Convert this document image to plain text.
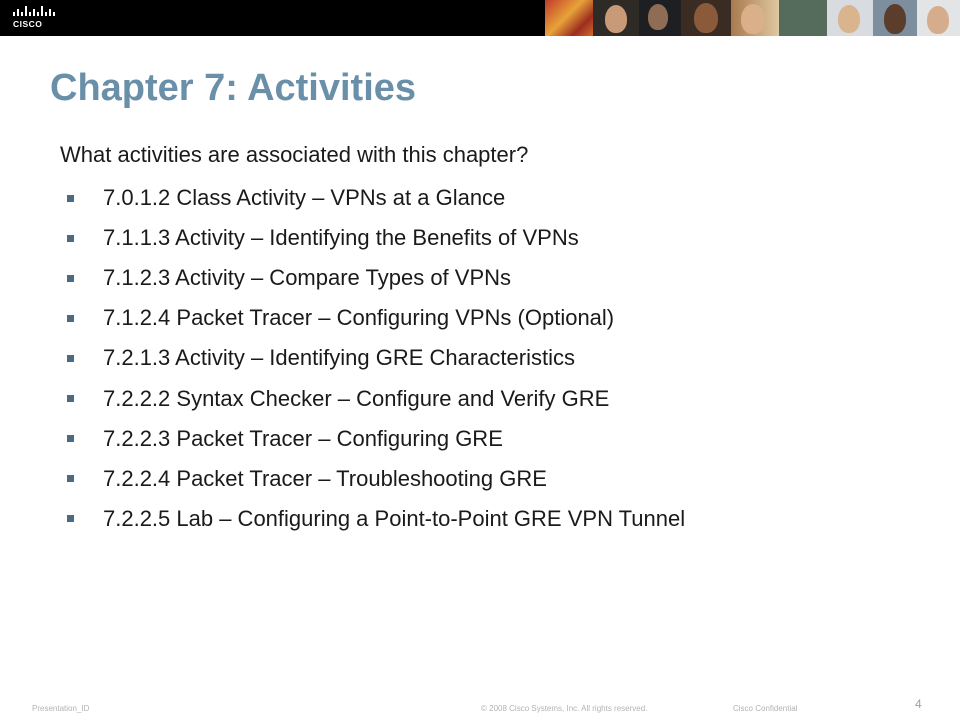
CISCO
Chapter 7: Activities
What activities are associated with this chapter?
7.0.1.2 Class Activity – VPNs at a Glance
7.1.1.3 Activity – Identifying the Benefits of VPNs
7.1.2.3 Activity – Compare Types of VPNs
7.1.2.4 Packet Tracer – Configuring VPNs (Optional)
7.2.1.3 Activity – Identifying GRE Characteristics
7.2.2.2 Syntax Checker – Configure and Verify GRE
7.2.2.3 Packet Tracer – Configuring GRE
7.2.2.4 Packet Tracer – Troubleshooting GRE
7.2.2.5 Lab – Configuring a Point-to-Point GRE VPN Tunnel
Presentation_ID	© 2008 Cisco Systems, Inc. All rights reserved.	Cisco Confidential	4
